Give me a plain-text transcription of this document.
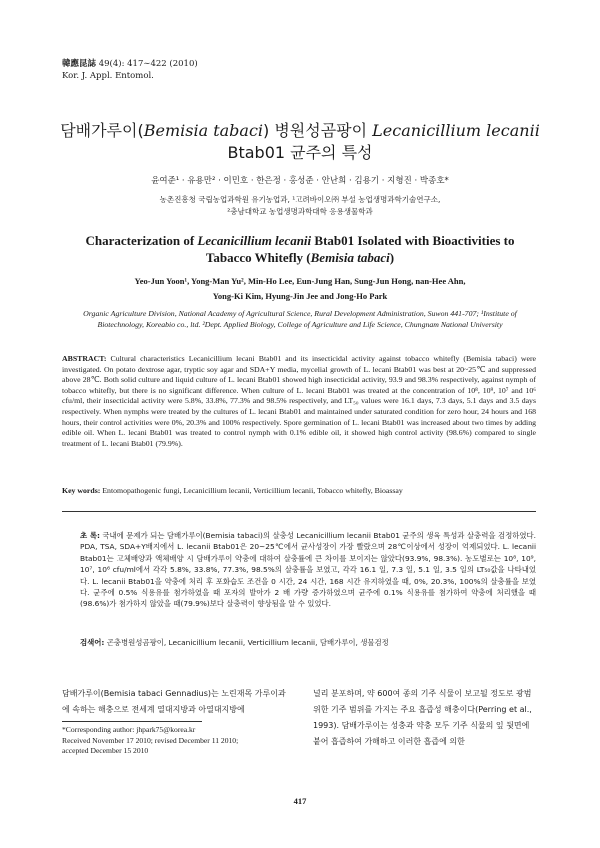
韓應昆誌 49(4): 417∼422 (2010)
Kor. J. Appl. Entomol.
담배가루이(Bemisia tabaci) 병원성곰팡이 Lecanicillium lecanii
Btab01 균주의 특성
윤여준¹ · 유용만² · 이민호 · 한은정 · 홍성준 · 안난희 · 김용기 · 지형진 · 박종호*
농촌진흥청 국립농업과학원 유기농업과, ¹고려바이오㈜ 부설 농업생명과학기술연구소,
²충남대학교 농업생명과학대학 응용생물학과
Characterization of Lecanicillium lecanii Btab01 Isolated with Bioactivities to
Tabacco Whitefly (Bemisia tabaci)
Yeo-Jun Yoon¹, Yong-Man Yu², Min-Ho Lee, Eun-Jung Han, Sung-Jun Hong, nan-Hee Ahn,
Yong-Ki Kim, Hyung-Jin Jee and Jong-Ho Park
Organic Agriculture Division, National Academy of Agricultural Science, Rural Development Administration, Suwon 441-707; ¹Institute of Biotechnology, Koreabio co., ltd. ²Dept. Applied Biology, College of Agriculture and Life Science, Chungnam National University
ABSTRACT: Cultural characteristics Lecanicillium lecani Btab01 and its insecticidal activity against tobacco whitefly (Bemisia tabaci) were investigated. On potato dextrose agar, tryptic soy agar and SDA+Y media, mycelial growth of L. lecani Btab01 was best at 20~25℃ and suppressed above 28℃. Both solid culture and liquid culture of L. lecani Btab01 showed high insecticidal activity, 93.9 and 98.3% respectively, against nymph of tobacco whitefly, but there is no significant difference. When culture of L. lecani Btab01 was treated at the concentration of 10⁸, 10⁹, 10⁷ and 10⁶ cfu/ml, their insecticidal activity were 5.8%, 33.8%, 77.3% and 98.5% respectively, and LT₅₀ values were 16.1 days, 7.3 days, 5.1 days and 3.5 days respectively. When nymphs were treated by the cultures of L. lecani Btab01 and maintained under saturated condition for zero hour, 24 hours and 168 hours, their control activities were 0%, 20.3% and 100% respectively. Spore germination of L. lecani Btab01 was increased about two times by adding edible oil. When L. lecani Btab01 was treated to control nymph with 0.1% edible oil, it showed high control activity (98.6%) compared to single treatment of L. lecani Btab01 (79.9%).
Key words: Entomopathogenic fungi, Lecanicillium lecanii, Verticillium lecanii, Tobacco whitefly, Bioassay
초 록: 국내에 문제가 되는 담배가루이(Bemisia tabaci)의 살충성 Lecanicillium lecanii Btab01 균주의 생육 특성과 살충력을 검정하였다. PDA, TSA, SDA+Y배지에서 L. lecanii Btab01은 20~25℃에서 균사성장이 가장 빨랐으며 28℃이상에서 성장이 억제되었다. L. lecanii Btab01는 고체배양과 액체배양 시 담배가루이 약충에 대하여 살충률에 큰 차이를 보이지는 않았다(93.9%, 98.3%). 농도별로는 10⁸, 10⁹, 10⁷, 10⁶ cfu/ml에서 각각 5.8%, 33.8%, 77.3%, 98.5%의 살충률을 보였고, 각각 16.1 일, 7.3 일, 5.1 일, 3.5 일의 LT₅₀값을 나타내었다. L. lecanii Btab01을 약충에 처리 후 포화습도 조건을 0 시간, 24 시간, 168 시간 유지하였을 때, 0%, 20.3%, 100%의 살충률을 보였다. 균주에 0.5% 식용유를 첨가하였을 때 포자의 발아가 2 배 가량 증가하였으며 균주에 0.1% 식용유를 첨가하여 약충에 처리했을 때(98.6%)가 첨가하지 않았을 때(79.9%)보다 살충력이 향상됨을 알 수 있었다.
검색어: 곤충병원성곰팡이, Lecanicillium lecanii, Verticillium lecanii, 담배가루이, 생물검정
담배가루이(Bemisia tabaci Gennadius)는 노린재목 가루이과에 속하는 해충으로 전세계 열대지방과 아열대지방에
널리 분포하며, 약 600여 종의 기주 식물이 보고될 정도로 광범위한 기주 범위를 가지는 주요 흡즙성 해충이다(Perring et al., 1993). 담배가루이는 성충과 약충 모두 기주 식물의 잎 뒷면에 붙어 흡즙하여 가해하고 이러한 흡즙에 의한
*Corresponding author: jhpark75@korea.kr
Received November 17 2010; revised December 11 2010;
accepted December 15 2010
417
